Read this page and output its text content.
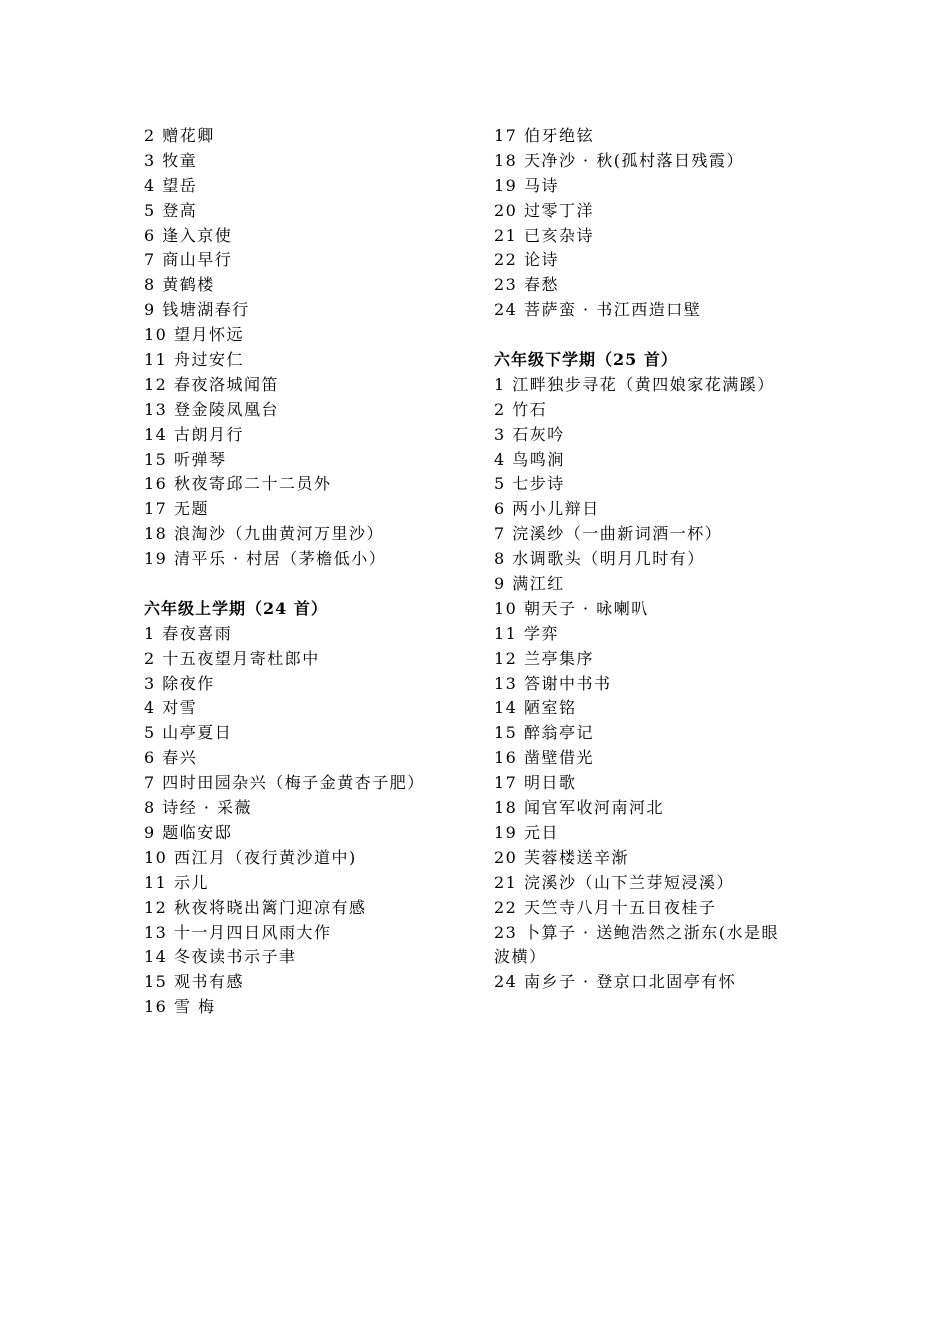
2 赠花卿
3 牧童
4 望岳
5 登高
6 逢入京使
7 商山早行
8 黄鹤楼
9 钱塘湖春行
10 望月怀远
11 舟过安仁
12 春夜洛城闻笛
13 登金陵凤凰台
14 古朗月行
15 听弹琴
16 秋夜寄邱二十二员外
17 无题
18 浪淘沙（九曲黄河万里沙）
19 清平乐 · 村居（茅檐低小）
六年级上学期（24 首）
1 春夜喜雨
2 十五夜望月寄杜郎中
3 除夜作
4 对雪
5 山亭夏日
6 春兴
7 四时田园杂兴（梅子金黄杏子肥）
8 诗经 · 采薇
9 题临安邸
10 西江月（夜行黄沙道中)
11 示儿
12 秋夜将晓出篱门迎凉有感
13 十一月四日风雨大作
14 冬夜读书示子聿
15 观书有感
16 雪 梅
17 伯牙绝铉
18 天净沙 · 秋(孤村落日残霞）
19 马诗
20 过零丁洋
21 已亥杂诗
22 论诗
23 春愁
24 菩萨蛮 · 书江西造口壁
六年级下学期（25 首）
1 江畔独步寻花（黄四娘家花满蹊）
2 竹石
3 石灰吟
4 鸟鸣涧
5 七步诗
6 两小儿辩日
7 浣溪纱（一曲新词酒一杯）
8 水调歌头（明月几时有）
9 满江红
10 朝天子 · 咏喇叭
11 学弈
12 兰亭集序
13 答谢中书书
14 陋室铭
15 醉翁亭记
16 凿壁借光
17 明日歌
18 闻官军收河南河北
19 元日
20 芙蓉楼送辛渐
21 浣溪沙（山下兰芽短浸溪）
22 天竺寺八月十五日夜桂子
23 卜算子 · 送鲍浩然之浙东(水是眼
波横）
24 南乡子 · 登京口北固亭有怀
